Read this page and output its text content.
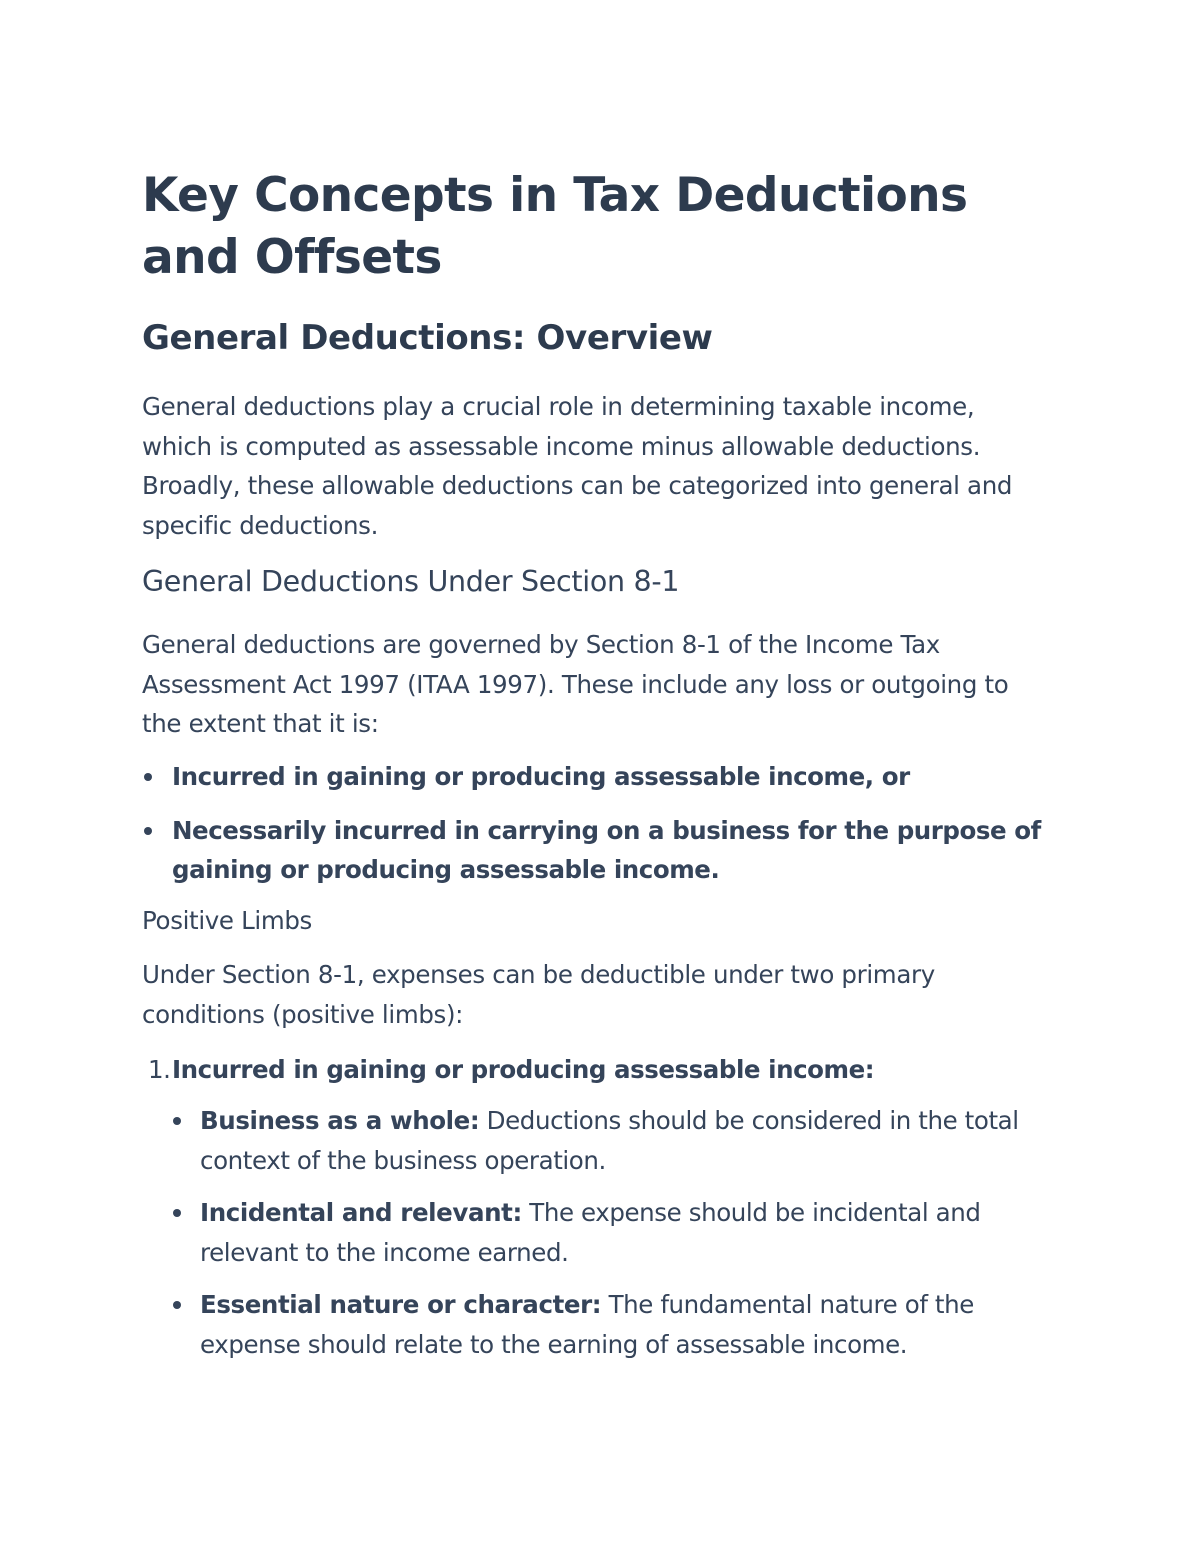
Key Concepts in Tax Deductions and Offsets
General Deductions: Overview

General deductions play a crucial role in determining taxable income, which is computed as assessable income minus allowable deductions. Broadly, these allowable deductions can be categorized into general and specific deductions.

General Deductions Under Section 8-1

General deductions are governed by Section 8-1 of the Income Tax Assessment Act 1997 (ITAA 1997). These include any loss or outgoing to the extent that it is:

Incurred in gaining or producing assessable income, or
Necessarily incurred in carrying on a business for the purpose of gaining or producing assessable income.
Positive Limbs

Under Section 8-1, expenses can be deductible under two primary conditions (positive limbs):

1.Incurred in gaining or producing assessable income:
Business as a whole: Deductions should be considered in the total context of the business operation.
Incidental and relevant: The expense should be incidental and relevant to the income earned.
Essential nature or character: The fundamental nature of the expense should relate to the earning of assessable income.
